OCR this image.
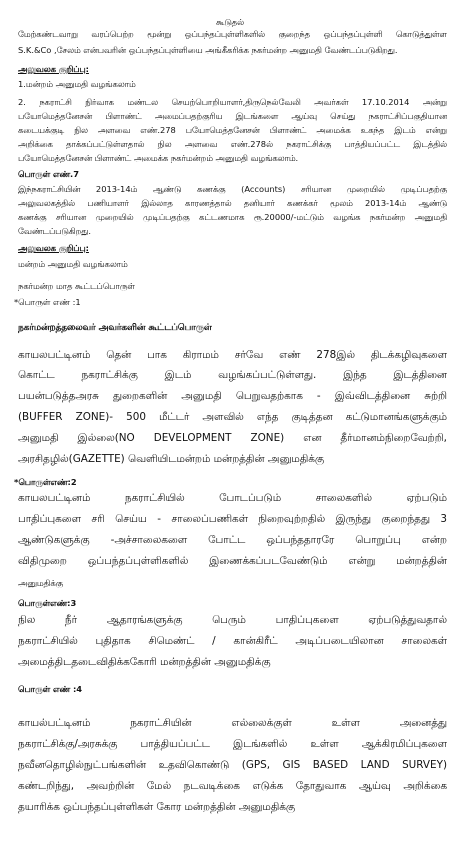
கூடுதல்
மேற்கண்டவாறு வரப்பெற்ற மூன்று ஒப்பந்தப்புள்ளிகளில் குறைந்த ஒப்பந்தப்புள்ளி கொடுத்துள்ள
S.K.&Co ,சேலம் என்பவரின் ஒப்பந்தப்புள்ளியை அங்கீகரிக்க நகர்மன்ற அனுமதி வேண்டப்படுகிறது.
அலுவலக குறிப்பு:
1.மன்றம் அனுமதி வழங்கலாம்
2. நகராட்சி நிர்வாக மண்டல செயற்பொறியாளர்,திருநெல்வேலி அவர்கள் 17.10.2014 அன்று
பயோமெத்தனேசன் பிளாண்ட் அமைப்பதற்குரிய இடங்களை ஆய்வு செய்து நகராட்சிப்பகுதியான
கடையக்குடி நில அளவை எண்.278 பயோமெத்தனேசன் பிளாண்ட் அமைக்க உகந்த இடம் என்று
அறிக்கை தாக்கப்பட்டுள்ளதால் நில அளவை எண்.278ல் நகராட்சிக்கு பாத்தியப்பட்ட இடத்தில்
பயோமெத்தனேசன் பிளாண்ட் அமைக்க நகர்மன்றம் அனுமதி வழங்கலாம்.
பொருள் எண்.7
இந்நகராட்சியின் 2013-14ம் ஆண்டு கணக்கு (Accounts) சரியான முறையில் முடிப்பதற்கு
அலுவலகத்தில் பணியாளர் இல்லாத காரணத்தால் தனியார் கணக்கர் மூலம் 2013-14ம் ஆண்டு
கணக்கு சரியான முறையில் முடிப்பதற்கு கட்டணமாக ரூ.20000/-மட்டும் வழங்க நகர்மன்ற அனுமதி
வேண்டப்படுகிறது.
அலுவலக குறிப்பு:
மன்றம் அனுமதி வழங்கலாம்
நகர்மன்ற மாத கூட்டப்பொருள்
*பொருள் எண் :1
நகர்மன்றத்தலைவர் அவர்களின் கூட்டப்பொருள்
காயலபட்டினம் தென் பாக கிராமம் சர்வே எண் 278இல் திடக்கழிவுகளை
கொட்ட நகராட்சிக்கு இடம் வழங்கப்பட்டுள்ளது. இந்த இடத்தினை
பயன்படுத்தஅரசு துறைகளின் அனுமதி பெறுவதற்காக - இவ்விடத்தினை சுற்றி
(BUFFER ZONE)- 500 மீட்டர் அளவில் எந்த குடித்தன கட்டுமானங்களுக்கும்
அனுமதி இல்லை(NO DEVELOPMENT ZONE) என தீர்மானம்நிறைவேற்றி,
அரசிதழில்(GAZETTE) வெளியிடமன்றம் மன்றத்தின் அனுமதிக்கு
*பொருள்எண்:2
காயலபட்டினம் நகராட்சியில் போடப்படும் சாலைகளில் ஏற்படும்
பாதிப்புகளை சரி செய்ய - சாலைப்பணிகள் நிறைவுற்றதில் இருந்து குறைந்தது 3
ஆண்டுகளுக்கு -அச்சாலைகளை போட்ட ஒப்பந்ததாரரே பொறுப்பு என்ற
விதிமுறை ஒப்பந்தப்புள்ளிகளில் இணைக்கப்படவேண்டும் என்று மன்றத்தின்
அனுமதிக்கு
பொருள்எண்:3
நில நீர் ஆதாரங்களுக்கு பெரும் பாதிப்புகளை ஏற்படுத்துவதால்
நகராட்சியில் புதிதாக சிமெண்ட் / கான்கிரீட் அடிப்படையிலான சாலைகள்
அமைத்திடதடைவிதிக்ககோரி மன்றத்தின் அனுமதிக்கு
பொருள் எண் :4
காயல்பட்டினம் நகராட்சியின் எல்லைக்குள் உள்ள அனைத்து
நகராட்சிக்கு/அரசுக்கு பாத்தியப்பட்ட இடங்களில் உள்ள ஆக்கிரமிப்புகளை
நவீனதொழில்நுட்பங்களின் உதவிகொண்டு (GPS, GIS BASED LAND SURVEY)
கண்டறிந்து, அவற்றின் மேல் நடவடிக்கை எடுக்க தோதுவாக ஆய்வு அறிக்கை
தயாரிக்க ஒப்பந்தப்புள்ளிகள் கோர மன்றத்தின் அனுமதிக்கு
